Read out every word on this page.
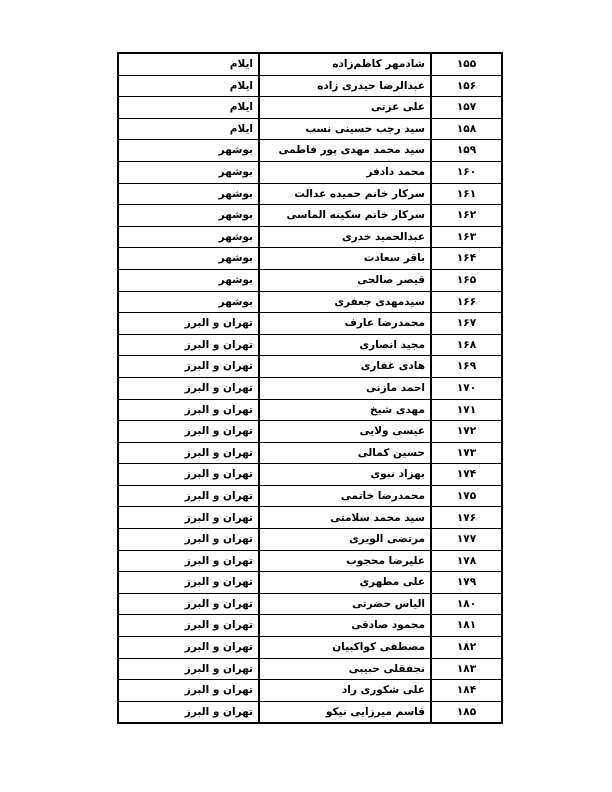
۱۵۵	شادمهر کاظم‌زاده	ایلام
۱۵۶	عبدالرضا حیدری زاده	ایلام
۱۵۷	علی عزتی	ایلام
۱۵۸	سید رجب حسینی نسب	ایلام
۱۵۹	سید محمد مهدی پور فاطمی	بوشهر
۱۶۰	محمد دادفر	بوشهر
۱۶۱	سرکار خانم حمیده عدالت	بوشهر
۱۶۲	سرکار خانم سکینه الماسی	بوشهر
۱۶۳	عبدالحمید خدری	بوشهر
۱۶۴	باقر سعادت	بوشهر
۱۶۵	قیصر صالحی	بوشهر
۱۶۶	سیدمهدی جعفری	بوشهر
۱۶۷	محمدرضا عارف	تهران و البرز
۱۶۸	مجید انصاری	تهران و البرز
۱۶۹	هادی غفاری	تهران و البرز
۱۷۰	احمد مازنی	تهران و البرز
۱۷۱	مهدی شیخ	تهران و البرز
۱۷۲	عیسی ولایی	تهران و البرز
۱۷۳	حسین کمالی	تهران و البرز
۱۷۴	بهزاد نبوی	تهران و البرز
۱۷۵	محمدرضا خاتمی	تهران و البرز
۱۷۶	سید محمد سلامتی	تهران و البرز
۱۷۷	مرتضی الویری	تهران و البرز
۱۷۸	علیرضا محجوب	تهران و البرز
۱۷۹	علی مطهری	تهران و البرز
۱۸۰	الیاس حضرتی	تهران و البرز
۱۸۱	محمود صادقی	تهران و البرز
۱۸۲	مصطفی کواکبیان	تهران و البرز
۱۸۳	نجفقلی حبیبی	تهران و البرز
۱۸۴	علی شکوری راد	تهران و البرز
۱۸۵	قاسم میرزایی نیکو	تهران و البرز
